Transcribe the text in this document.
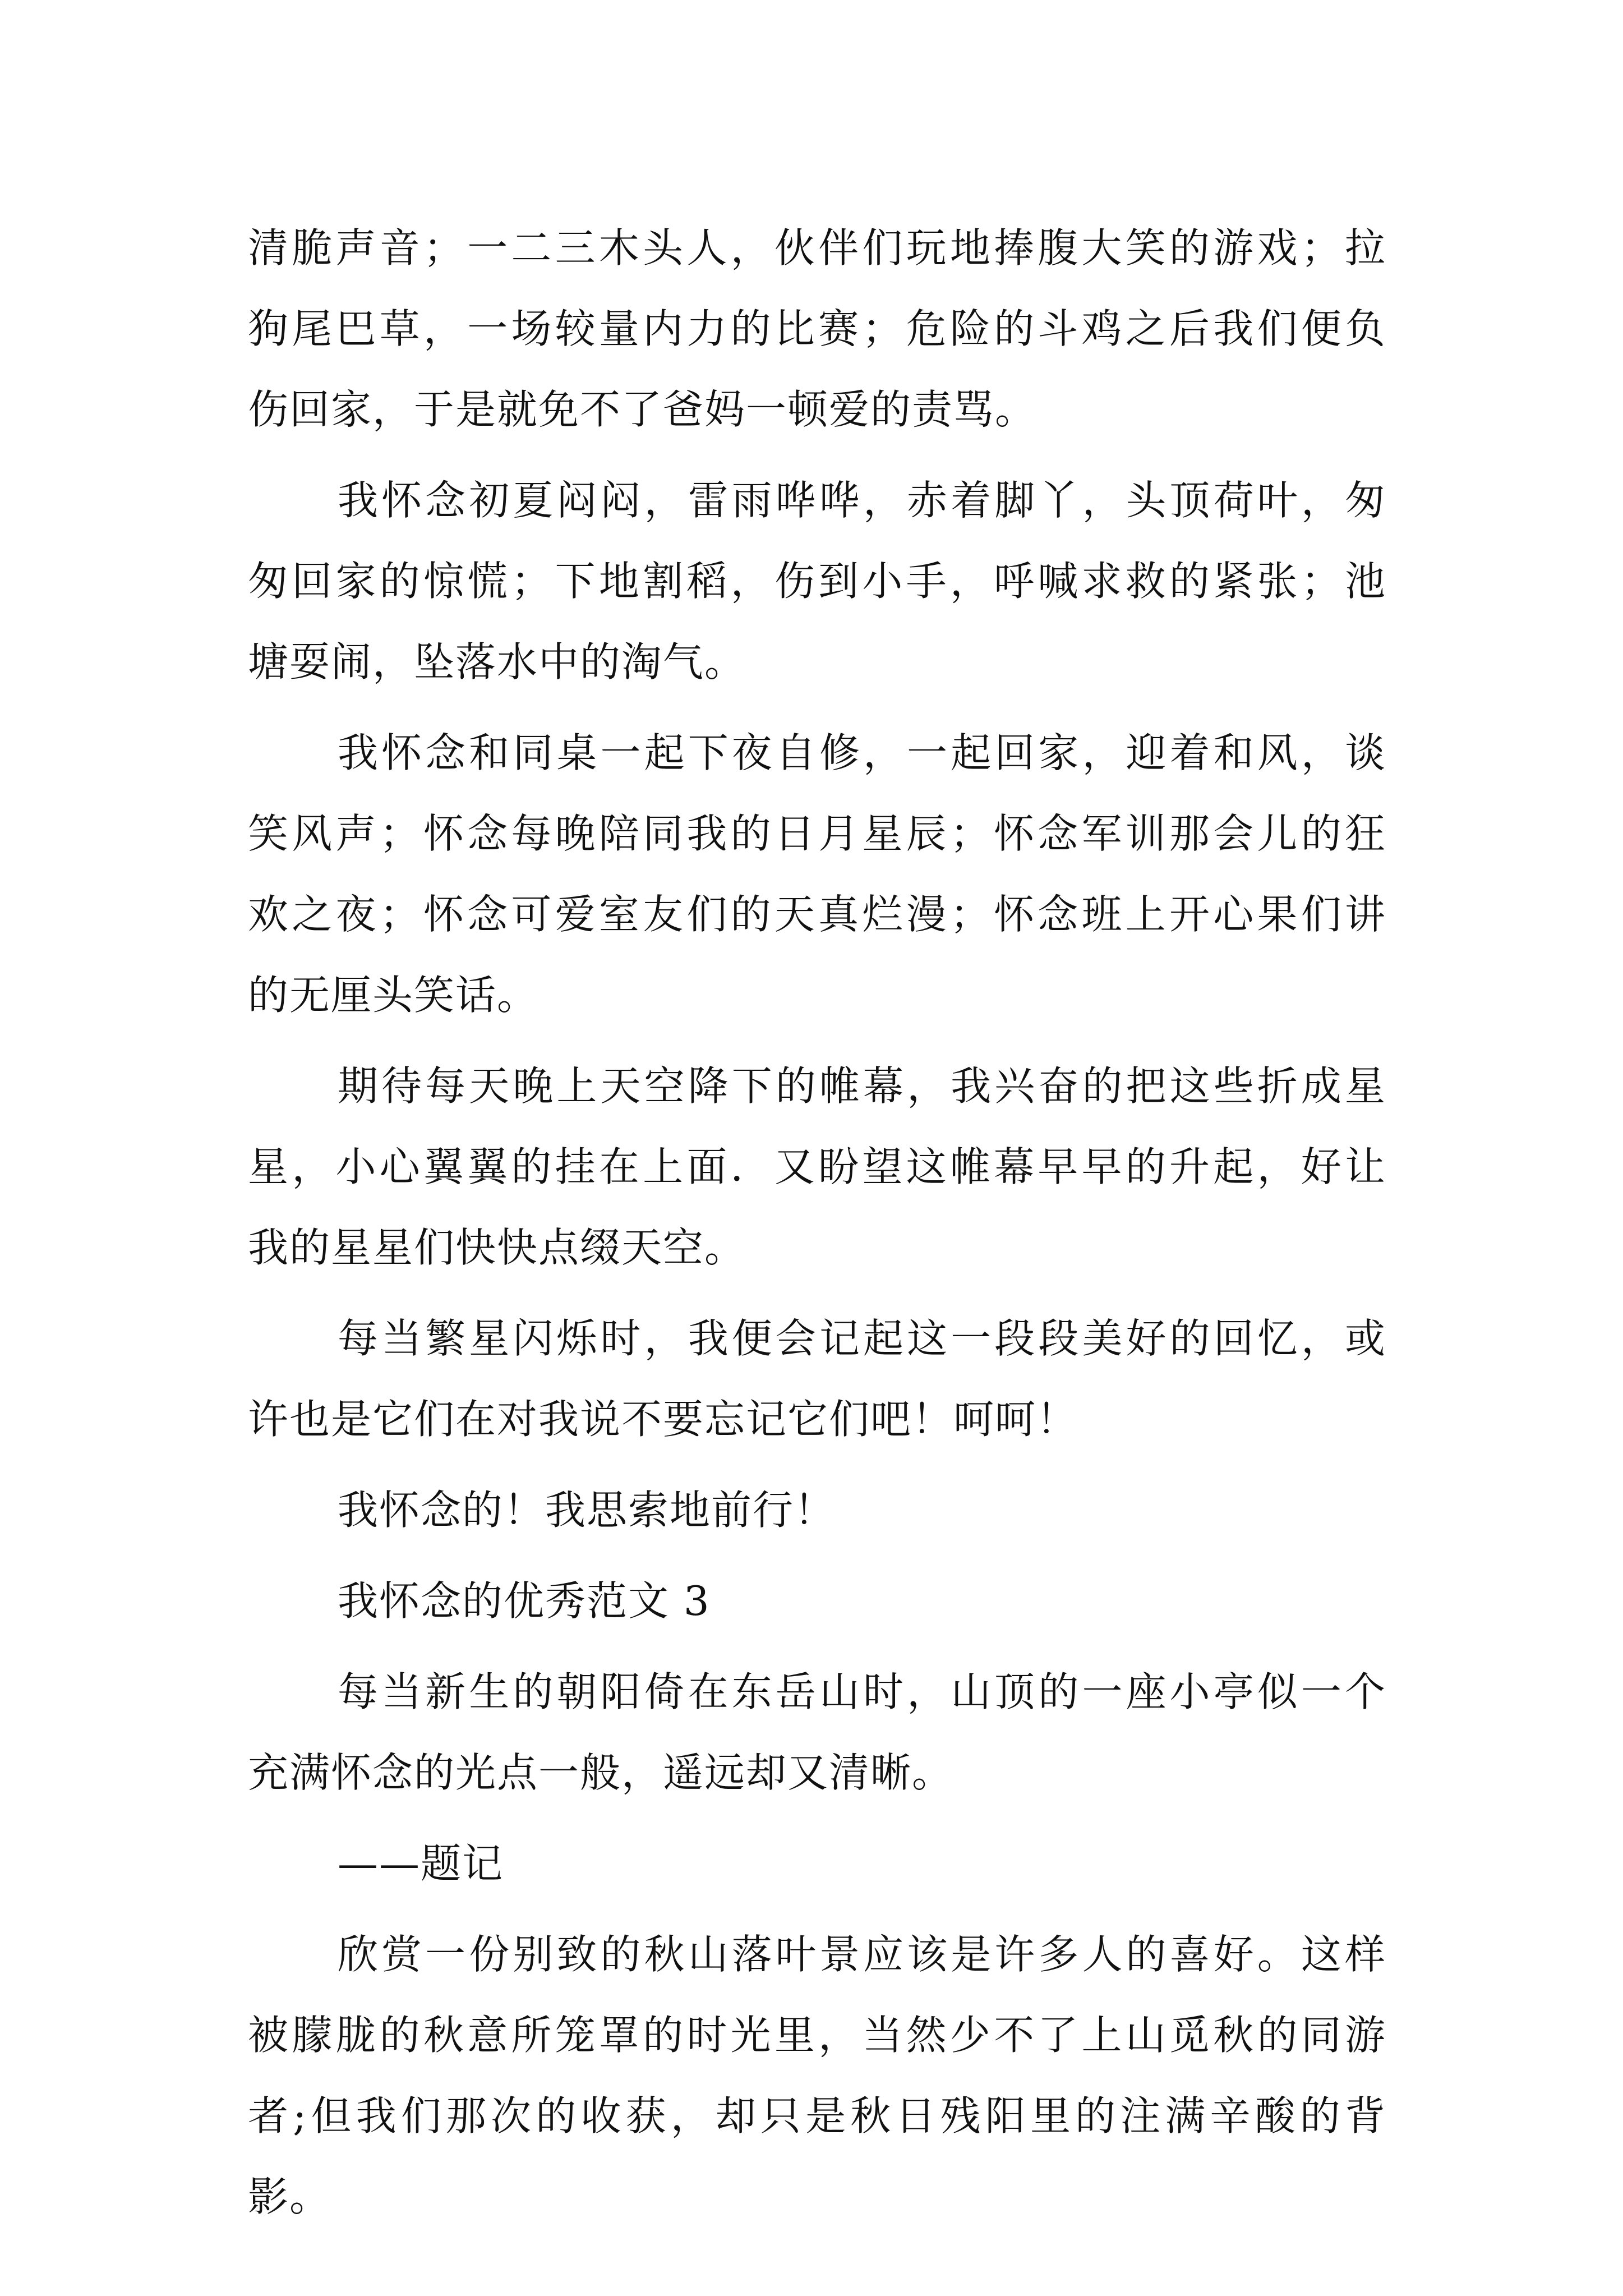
清脆声音；一二三木头人，伙伴们玩地捧腹大笑的游戏；拉
狗尾巴草，一场较量内力的比赛；危险的斗鸡之后我们便负
伤回家，于是就免不了爸妈一顿爱的责骂。
我怀念初夏闷闷，雷雨哗哗，赤着脚丫，头顶荷叶，匆
匆回家的惊慌；下地割稻，伤到小手，呼喊求救的紧张；池
塘耍闹，坠落水中的淘气。
我怀念和同桌一起下夜自修，一起回家，迎着和风，谈
笑风声；怀念每晚陪同我的日月星辰；怀念军训那会儿的狂
欢之夜；怀念可爱室友们的天真烂漫；怀念班上开心果们讲
的无厘头笑话。
期待每天晚上天空降下的帷幕，我兴奋的把这些折成星
星，小心翼翼的挂在上面．又盼望这帷幕早早的升起，好让
我的星星们快快点缀天空。
每当繁星闪烁时，我便会记起这一段段美好的回忆，或
许也是它们在对我说不要忘记它们吧！呵呵！
我怀念的！我思索地前行！
我怀念的优秀范文 3
每当新生的朝阳倚在东岳山时，山顶的一座小亭似一个
充满怀念的光点一般，遥远却又清晰。
——题记
欣赏一份别致的秋山落叶景应该是许多人的喜好。这样
被朦胧的秋意所笼罩的时光里，当然少不了上山觅秋的同游
者;但我们那次的收获，却只是秋日残阳里的注满辛酸的背
影。
